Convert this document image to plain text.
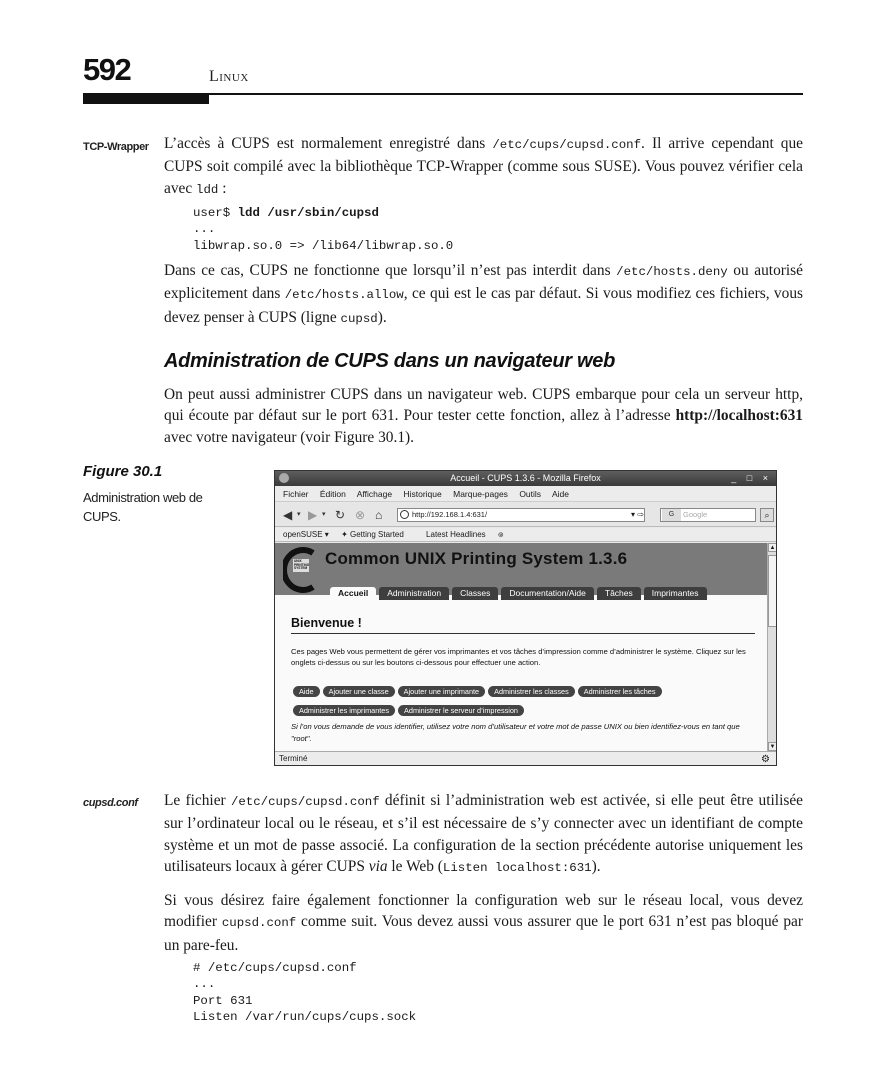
592	Linux
TCP-Wrapper L’accès à CUPS est normalement enregistré dans /etc/cups/cupsd.conf. Il arrive cependant que CUPS soit compilé avec la bibliothèque TCP-Wrapper (comme sous SUSE). Vous pouvez vérifier cela avec ldd :

user$ ldd /usr/sbin/cupsd
...
libwrap.so.0 => /lib64/libwrap.so.0

Dans ce cas, CUPS ne fonctionne que lorsqu’il n’est pas interdit dans /etc/hosts.deny ou autorisé explicitement dans /etc/hosts.allow, ce qui est le cas par défaut. Si vous modifiez ces fichiers, vous devez penser à CUPS (ligne cupsd).

Administration de CUPS dans un navigateur web

On peut aussi administrer CUPS dans un navigateur web. CUPS embarque pour cela un serveur http, qui écoute par défaut sur le port 631. Pour tester cette fonction, allez à l’adresse http://localhost:631 avec votre navigateur (voir Figure 30.1).

Figure 30.1
Administration web de CUPS.
Accueil - CUPS 1.3.6 - Mozilla Firefox	_ □ ×
Fichier Édition Affichage Historique Marque-pages Outils Aide
◀ ▾ ▶ ▾ ↻ ⊗ ⌂	http://192.168.1.4:631/	▾ ⇨	G	Google	⌕
openSUSE ▾ ✦ Getting Started	Latest Headlines ⊚
UNIX
PRINTING
SYSTEM
Common UNIX Printing System 1.3.6
Accueil Administration Classes Documentation/Aide Tâches Imprimantes
Bienvenue !
Ces pages Web vous permettent de gérer vos imprimantes et vos tâches d’impression comme d’administrer le système. Cliquez sur les onglets ci-dessus ou sur les boutons ci-dessous pour effectuer une action.
Aide Ajouter une classe Ajouter une imprimante Administrer les classes Administrer les tâches
Administrer les imprimantes Administrer le serveur d’impression
Si l’on vous demande de vous identifier, utilisez votre nom d’utilisateur et votre mot de passe UNIX ou bien identifiez-vous en tant que "root".
▲
▼
Terminé	⚙
cupsd.conf Le fichier /etc/cups/cupsd.conf définit si l’administration web est activée, si elle peut être utilisée sur l’ordinateur local ou le réseau, et s’il est nécessaire de s’y connecter avec un identifiant de compte système et un mot de passe associé. La configuration de la section précédente autorise uniquement les utilisateurs locaux à gérer CUPS via le Web (Listen localhost:631).

Si vous désirez faire également fonctionner la configuration web sur le réseau local, vous devez modifier cupsd.conf comme suit. Vous devez aussi vous assurer que le port 631 n’est pas bloqué par un pare-feu.

# /etc/cups/cupsd.conf
...
Port 631
Listen /var/run/cups/cups.sock
